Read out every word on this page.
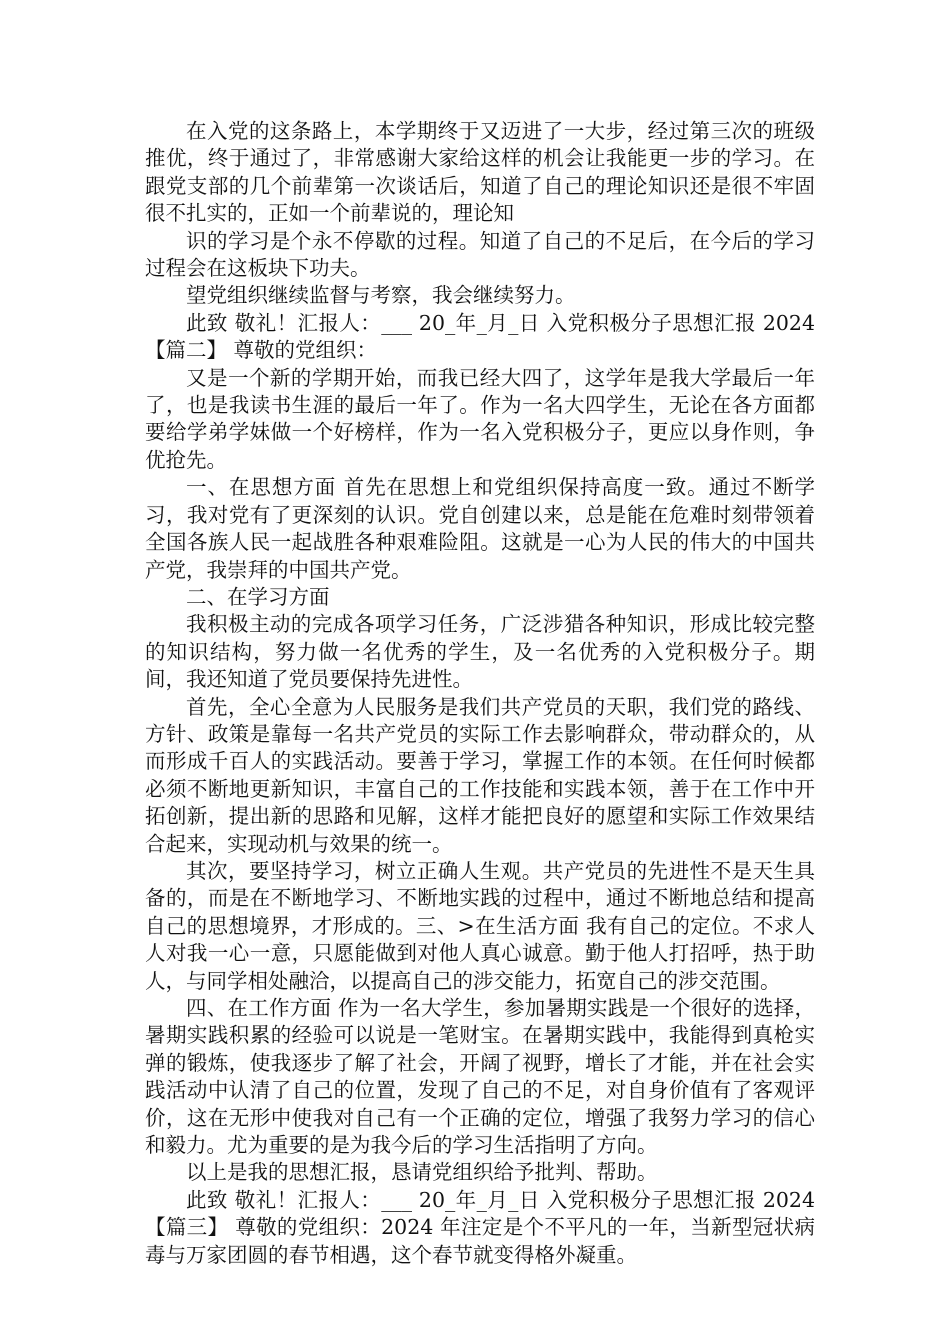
在入党的这条路上，本学期终于又迈进了一大步，经过第三次的班级推优，终于通过了，非常感谢大家给这样的机会让我能更一步的学习。在跟党支部的几个前辈第一次谈话后，知道了自己的理论知识还是很不牢固很不扎实的，正如一个前辈说的，理论知

识的学习是个永不停歇的过程。知道了自己的不足后，在今后的学习过程会在这板块下功夫。

望党组织继续监督与考察，我会继续努力。

此致 敬礼！汇报人：___ 20_年_月_日 入党积极分子思想汇报 2024【篇二】 尊敬的党组织：

又是一个新的学期开始，而我已经大四了，这学年是我大学最后一年了，也是我读书生涯的最后一年了。作为一名大四学生，无论在各方面都要给学弟学妹做一个好榜样，作为一名入党积极分子，更应以身作则，争优抢先。

一、在思想方面 首先在思想上和党组织保持高度一致。通过不断学习，我对党有了更深刻的认识。党自创建以来，总是能在危难时刻带领着全国各族人民一起战胜各种艰难险阻。这就是一心为人民的伟大的中国共产党，我崇拜的中国共产党。

二、在学习方面

我积极主动的完成各项学习任务，广泛涉猎各种知识，形成比较完整的知识结构，努力做一名优秀的学生，及一名优秀的入党积极分子。期间，我还知道了党员要保持先进性。

首先，全心全意为人民服务是我们共产党员的天职，我们党的路线、方针、政策是靠每一名共产党员的实际工作去影响群众，带动群众的，从而形成千百人的实践活动。要善于学习，掌握工作的本领。在任何时候都必须不断地更新知识，丰富自己的工作技能和实践本领，善于在工作中开拓创新，提出新的思路和见解，这样才能把良好的愿望和实际工作效果结合起来，实现动机与效果的统一。

其次，要坚持学习，树立正确人生观。共产党员的先进性不是天生具备的，而是在不断地学习、不断地实践的过程中，通过不断地总结和提高自己的思想境界，才形成的。三、>在生活方面 我有自己的定位。不求人人对我一心一意，只愿能做到对他人真心诚意。勤于他人打招呼，热于助人，与同学相处融洽，以提高自己的涉交能力，拓宽自己的涉交范围。

四、在工作方面 作为一名大学生，参加暑期实践是一个很好的选择，暑期实践积累的经验可以说是一笔财宝。在暑期实践中，我能得到真枪实弹的锻炼，使我逐步了解了社会，开阔了视野，增长了才能，并在社会实践活动中认清了自己的位置，发现了自己的不足，对自身价值有了客观评价，这在无形中使我对自己有一个正确的定位，增强了我努力学习的信心和毅力。尤为重要的是为我今后的学习生活指明了方向。

以上是我的思想汇报，恳请党组织给予批判、帮助。

此致 敬礼！汇报人：___ 20_年_月_日 入党积极分子思想汇报 2024【篇三】 尊敬的党组织：2024 年注定是个不平凡的一年，当新型冠状病毒与万家团圆的春节相遇，这个春节就变得格外凝重。
